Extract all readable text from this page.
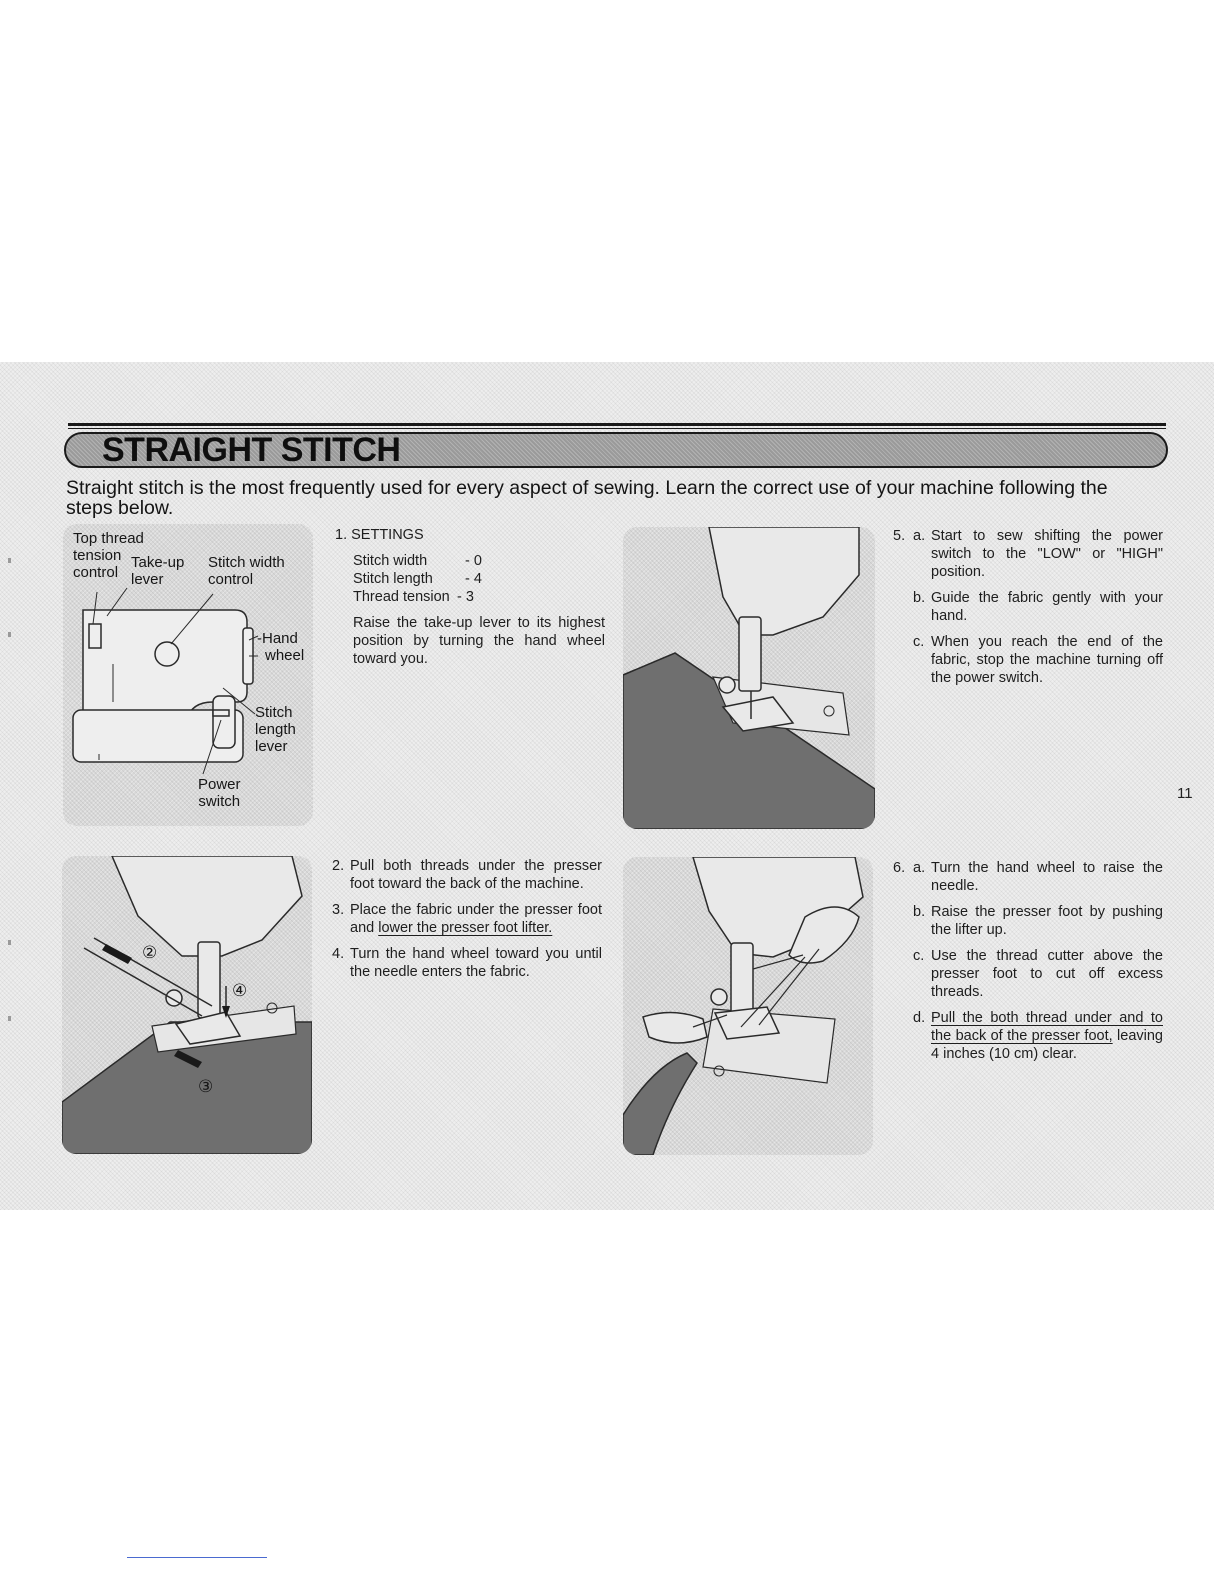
STRAIGHT STITCH

Straight stitch is the most frequently used for every aspect of sewing. Learn the correct use of your machine following the steps below.

Top thread
tension
control

Take-up
lever

Stitch width
control

-Hand
wheel

Stitch
length
lever

Power
switch

1. SETTINGS

Stitch width	- 0
Stitch length	- 4
Thread tension - 3

Raise the take-up lever to its highest position by turning the hand wheel toward you.

5. a. Start to sew shifting the power switch to the "LOW" or "HIGH" position.
b. Guide the fabric gently with your hand.
c. When you reach the end of the fabric, stop the machine turning off the power switch.

11

②
④
③
2. Pull both threads under the presser foot toward the back of the machine.
3. Place the fabric under the presser foot and lower the presser foot lifter.
4. Turn the hand wheel toward you until the needle enters the fabric.
6. a. Turn the hand wheel to raise the needle.
b. Raise the presser foot by pushing the lifter up.
c. Use the thread cutter above the presser foot to cut off excess threads.
d. Pull the both thread under and to the back of the presser foot, leaving 4 inches (10 cm) clear.
